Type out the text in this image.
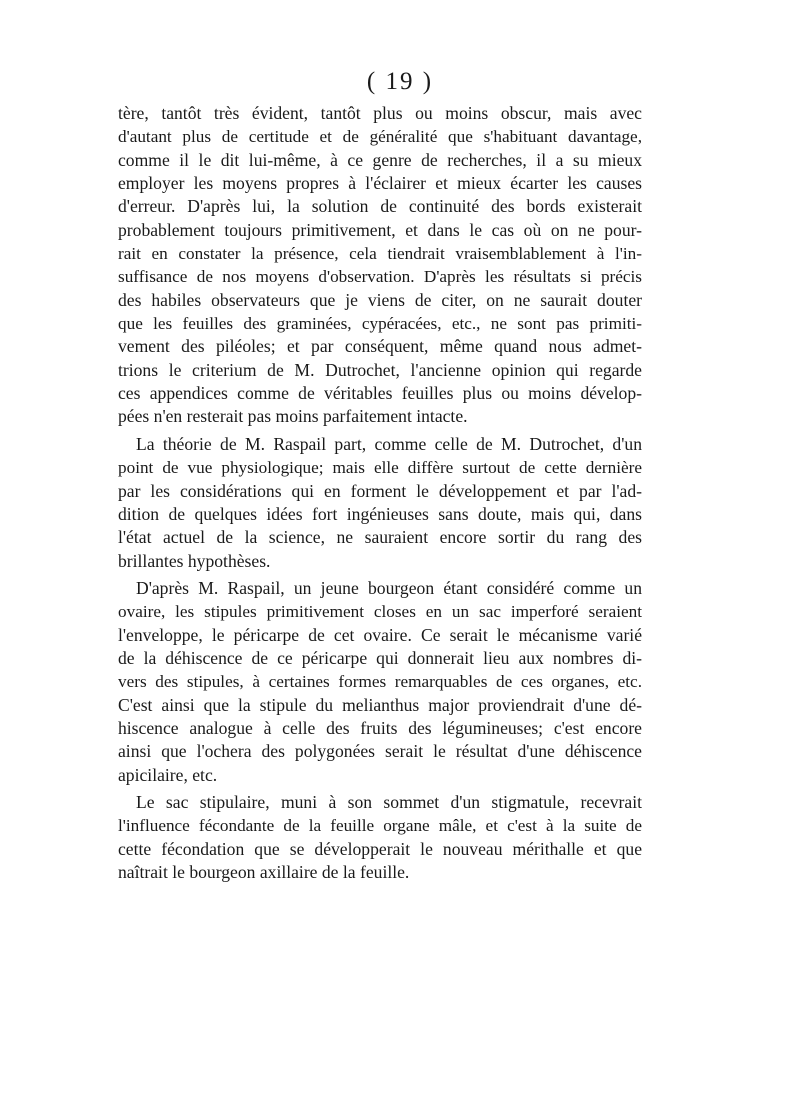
( 19 )

tère, tantôt très évident, tantôt plus ou moins obscur, mais avec
d'autant plus de certitude et de généralité que s'habituant davantage,
comme il le dit lui-même, à ce genre de recherches, il a su mieux
employer les moyens propres à l'éclairer et mieux écarter les causes
d'erreur. D'après lui, la solution de continuité des bords existerait
probablement toujours primitivement, et dans le cas où on ne pour-
rait en constater la présence, cela tiendrait vraisemblablement à l'in-
suffisance de nos moyens d'observation. D'après les résultats si précis
des habiles observateurs que je viens de citer, on ne saurait douter
que les feuilles des graminées, cypéracées, etc., ne sont pas primiti-
vement des piléoles; et par conséquent, même quand nous admet-
trions le criterium de M. Dutrochet, l'ancienne opinion qui regarde
ces appendices comme de véritables feuilles plus ou moins dévelop-
pées n'en resterait pas moins parfaitement intacte.

La théorie de M. Raspail part, comme celle de M. Dutrochet, d'un
point de vue physiologique; mais elle diffère surtout de cette dernière
par les considérations qui en forment le développement et par l'ad-
dition de quelques idées fort ingénieuses sans doute, mais qui, dans
l'état actuel de la science, ne sauraient encore sortir du rang des
brillantes hypothèses.

D'après M. Raspail, un jeune bourgeon étant considéré comme un
ovaire, les stipules primitivement closes en un sac imperforé seraient
l'enveloppe, le péricarpe de cet ovaire. Ce serait le mécanisme varié
de la déhiscence de ce péricarpe qui donnerait lieu aux nombres di-
vers des stipules, à certaines formes remarquables de ces organes, etc.
C'est ainsi que la stipule du melianthus major proviendrait d'une dé-
hiscence analogue à celle des fruits des légumineuses; c'est encore
ainsi que l'ochera des polygonées serait le résultat d'une déhiscence
apicilaire, etc.

Le sac stipulaire, muni à son sommet d'un stigmatule, recevrait
l'influence fécondante de la feuille organe mâle, et c'est à la suite de
cette fécondation que se développerait le nouveau mérithalle et que
naîtrait le bourgeon axillaire de la feuille.
